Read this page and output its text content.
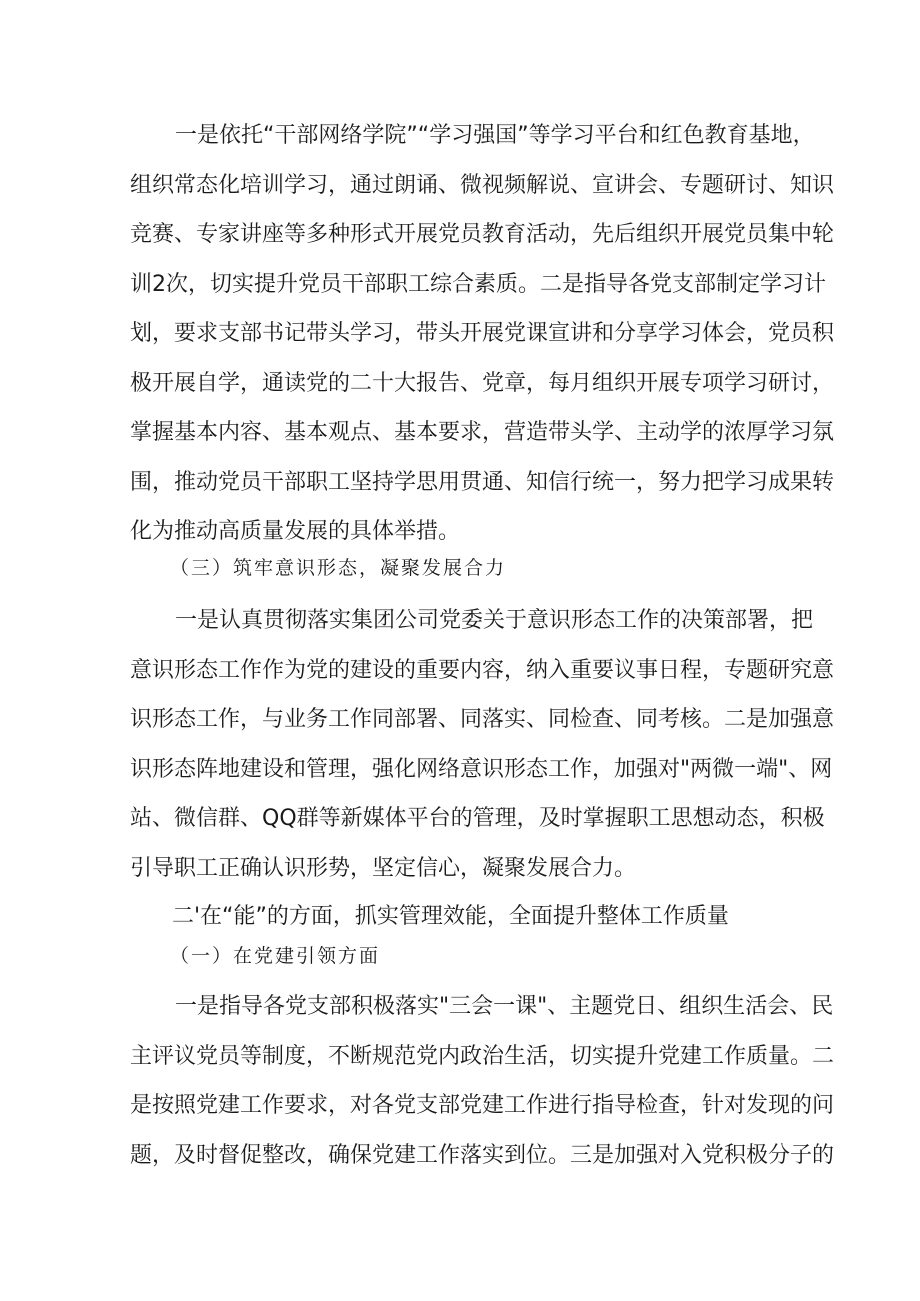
一是依托“干部网络学院”“学习强国”等学习平台和红色教育基地，
组织常态化培训学习，通过朗诵、微视频解说、宣讲会、专题研讨、知识
竞赛、专家讲座等多种形式开展党员教育活动，先后组织开展党员集中轮
训2次，切实提升党员干部职工综合素质。二是指导各党支部制定学习计
划，要求支部书记带头学习，带头开展党课宣讲和分享学习体会，党员积
极开展自学，通读党的二十大报告、党章，每月组织开展专项学习研讨，
掌握基本内容、基本观点、基本要求，营造带头学、主动学的浓厚学习氛
围，推动党员干部职工坚持学思用贯通、知信行统一，努力把学习成果转
化为推动高质量发展的具体举措。
（三）筑牢意识形态，凝聚发展合力
一是认真贯彻落实集团公司党委关于意识形态工作的决策部署，把
意识形态工作作为党的建设的重要内容，纳入重要议事日程，专题研究意
识形态工作，与业务工作同部署、同落实、同检查、同考核。二是加强意
识形态阵地建设和管理，强化网络意识形态工作，加强对"两微一端"、网
站、微信群、QQ群等新媒体平台的管理，及时掌握职工思想动态，积极
引导职工正确认识形势，坚定信心，凝聚发展合力。
二'在“能”的方面，抓实管理效能，全面提升整体工作质量
（一）在党建引领方面
一是指导各党支部积极落实"三会一课"、主题党日、组织生活会、民
主评议党员等制度，不断规范党内政治生活，切实提升党建工作质量。二
是按照党建工作要求，对各党支部党建工作进行指导检查，针对发现的问
题，及时督促整改，确保党建工作落实到位。三是加强对入党积极分子的
